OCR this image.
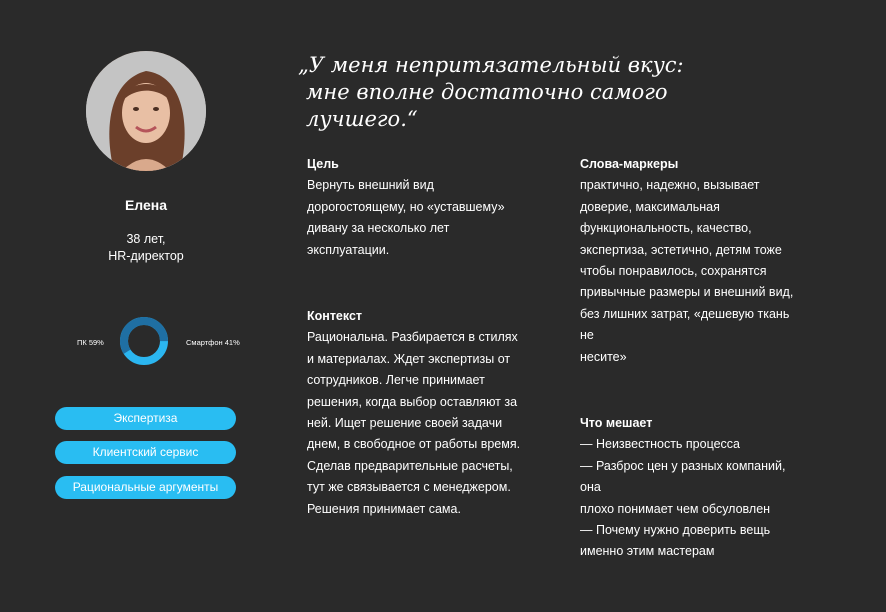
Елена
38 лет,
HR-директор
ПК 59%	Смартфон 41%
Экспертиза
Клиентский сервис
Рациональные аргументы
„У меня непритязательный вкус:
мне вполне достаточно самого лучшего.“
Цель

Вернуть внешний вид

дорогостоящему, но «уставшему»

дивану за несколько лет

эксплуатации.

Контекст

Рациональна. Разбирается в стилях

и материалах. Ждет экспертизы от

сотрудников. Легче принимает

решения, когда выбор оставляют за

ней. Ищет решение своей задачи

днем, в свободное от работы время.

Сделав предварительные расчеты,

тут же связывается с менеджером.

Решения принимает сама.

Слова-маркеры

практично, надежно, вызывает

доверие, максимальная

функциональность, качество,

экспертиза, эстетично, детям тоже

чтобы понравилось, сохранятся

привычные размеры и внешний вид,

без лишних затрат, «дешевую ткань не

несите»

Что мешает

— Неизвестность процесса

— Разброс цен у разных компаний, она

плохо понимает чем обсуловлен

— Почему нужно доверить вещь

именно этим мастерам
